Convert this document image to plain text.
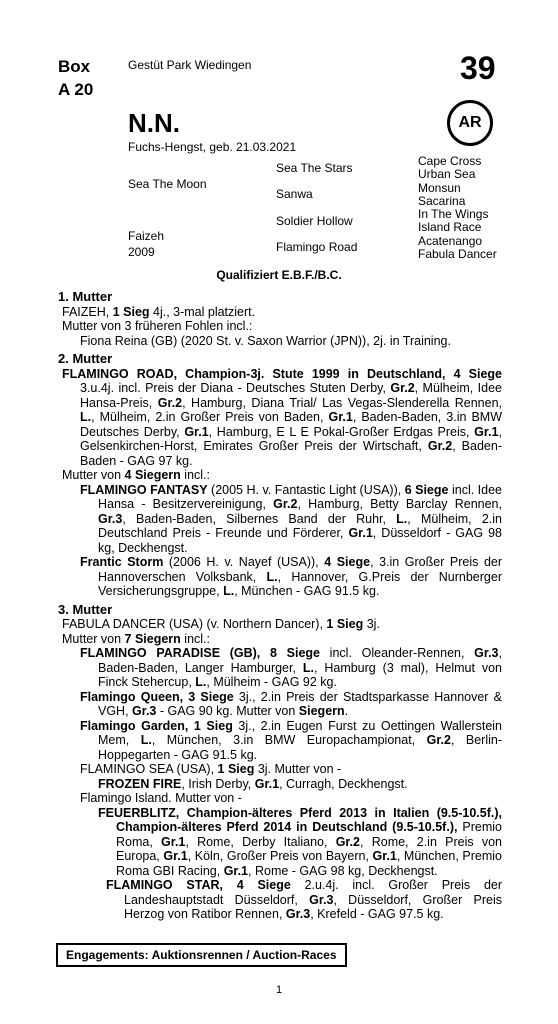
Box
A 20
Gestüt Park Wiedingen	39
AR
N.N.
Fuchs-Hengst, geb. 21.03.2021
Sea The Moon
Faizeh
2009
Sea The Stars
Sanwa
Soldier Hollow
Flamingo Road
Cape Cross
Urban Sea
Monsun
Sacarina
In The Wings
Island Race
Acatenango
Fabula Dancer
Qualifiziert E.B.F./B.C.

1. Mutter

FAIZEH, 1 Sieg 4j., 3-mal platziert.

Mutter von 3 früheren Fohlen incl.:

Fiona Reina (GB) (2020 St. v. Saxon Warrior (JPN)), 2j. in Training.

2. Mutter

FLAMINGO ROAD, Champion-3j. Stute 1999 in Deutschland, 4 Siege 3.u.4j. incl. Preis der Diana - Deutsches Stuten Derby, Gr.2, Mülheim, Idee Hansa-Preis, Gr.2, Hamburg, Diana Trial/ Las Vegas-Slenderella Rennen, L., Mülheim, 2.in Großer Preis von Baden, Gr.1, Baden-Baden, 3.in BMW Deutsches Derby, Gr.1, Hamburg, E L E Pokal-Großer Erdgas Preis, Gr.1, Gelsenkirchen-Horst, Emirates Großer Preis der Wirtschaft, Gr.2, Baden-Baden - GAG 97 kg.

Mutter von 4 Siegern incl.:

FLAMINGO FANTASY (2005 H. v. Fantastic Light (USA)), 6 Siege incl. Idee Hansa - Besitzervereinigung, Gr.2, Hamburg, Betty Barclay Rennen, Gr.3, Baden-Baden, Silbernes Band der Ruhr, L., Mülheim, 2.in Deutschland Preis - Freunde und Förderer, Gr.1, Düsseldorf - GAG 98 kg, Deckhengst.

Frantic Storm (2006 H. v. Nayef (USA)), 4 Siege, 3.in Großer Preis der Hannoverschen Volksbank, L., Hannover, G.Preis der Nurnberger Versicherungsgruppe, L., München - GAG 91.5 kg.

3. Mutter

FABULA DANCER (USA) (v. Northern Dancer), 1 Sieg 3j.

Mutter von 7 Siegern incl.:

FLAMINGO PARADISE (GB), 8 Siege incl. Oleander-Rennen, Gr.3, Baden-Baden, Langer Hamburger, L., Hamburg (3 mal), Helmut von Finck Stehercup, L., Mülheim - GAG 92 kg.

Flamingo Queen, 3 Siege 3j., 2.in Preis der Stadtsparkasse Hannover & VGH, Gr.3 - GAG 90 kg. Mutter von Siegern.

Flamingo Garden, 1 Sieg 3j., 2.in Eugen Furst zu Oettingen Wallerstein Mem, L., München, 3.in BMW Europachampionat, Gr.2, Berlin-Hoppegarten - GAG 91.5 kg.

FLAMINGO SEA (USA), 1 Sieg 3j. Mutter von -

FROZEN FIRE, Irish Derby, Gr.1, Curragh, Deckhengst.

Flamingo Island. Mutter von -

FEUERBLITZ, Champion-älteres Pferd 2013 in Italien (9.5-10.5f.), Champion-älteres Pferd 2014 in Deutschland (9.5-10.5f.), Premio Roma, Gr.1, Rome, Derby Italiano, Gr.2, Rome, 2.in Preis von Europa, Gr.1, Köln, Großer Preis von Bayern, Gr.1, München, Premio Roma GBI Racing, Gr.1, Rome - GAG 98 kg, Deckhengst.

FLAMINGO STAR, 4 Siege 2.u.4j. incl. Großer Preis der Landeshauptstadt Düsseldorf, Gr.3, Düsseldorf, Großer Preis Herzog von Ratibor Rennen, Gr.3, Krefeld - GAG 97.5 kg.

Engagements: Auktionsrennen / Auction-Races
1
